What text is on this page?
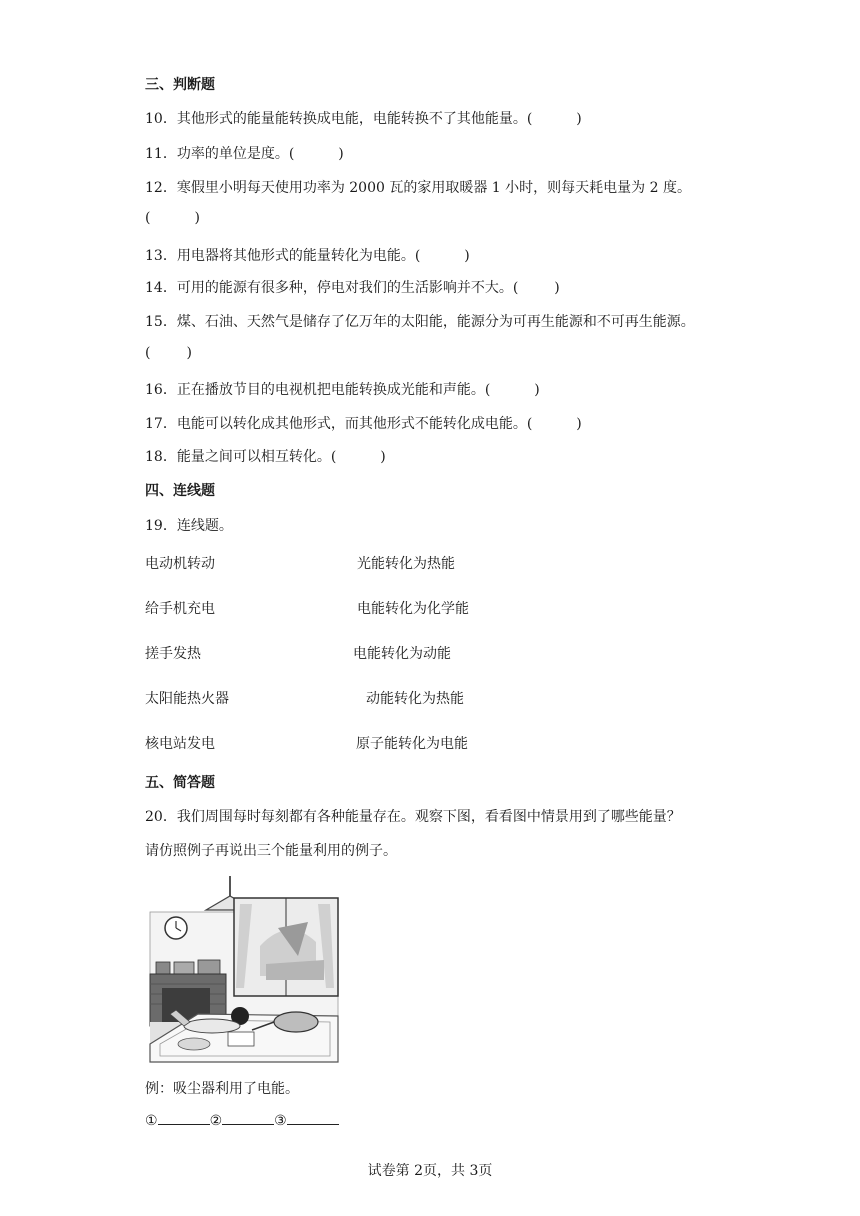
三、判断题
10．其他形式的能量能转换成电能，电能转换不了其他能量。(	)
11．功率的单位是度。(	)
12．寒假里小明每天使用功率为 2000 瓦的家用取暖器 1 小时，则每天耗电量为 2 度。
(	)
13．用电器将其他形式的能量转化为电能。(	)
14．可用的能源有很多种，停电对我们的生活影响并不大。(	)
15．煤、石油、天然气是储存了亿万年的太阳能，能源分为可再生能源和不可再生能源。
(	)
16．正在播放节目的电视机把电能转换成光能和声能。(	)
17．电能可以转化成其他形式，而其他形式不能转化成电能。(	)
18．能量之间可以相互转化。(	)
四、连线题
19．连线题。
电动机转动	光能转化为热能
给手机充电	电能转化为化学能
搓手发热	电能转化为动能
太阳能热火器	动能转化为热能
核电站发电	原子能转化为电能
五、简答题
20．我们周围每时每刻都有各种能量存在。观察下图，看看图中情景用到了哪些能量？
请仿照例子再说出三个能量利用的例子。
例：吸尘器利用了电能。
①	②	③
试卷第 2页，共 3页
